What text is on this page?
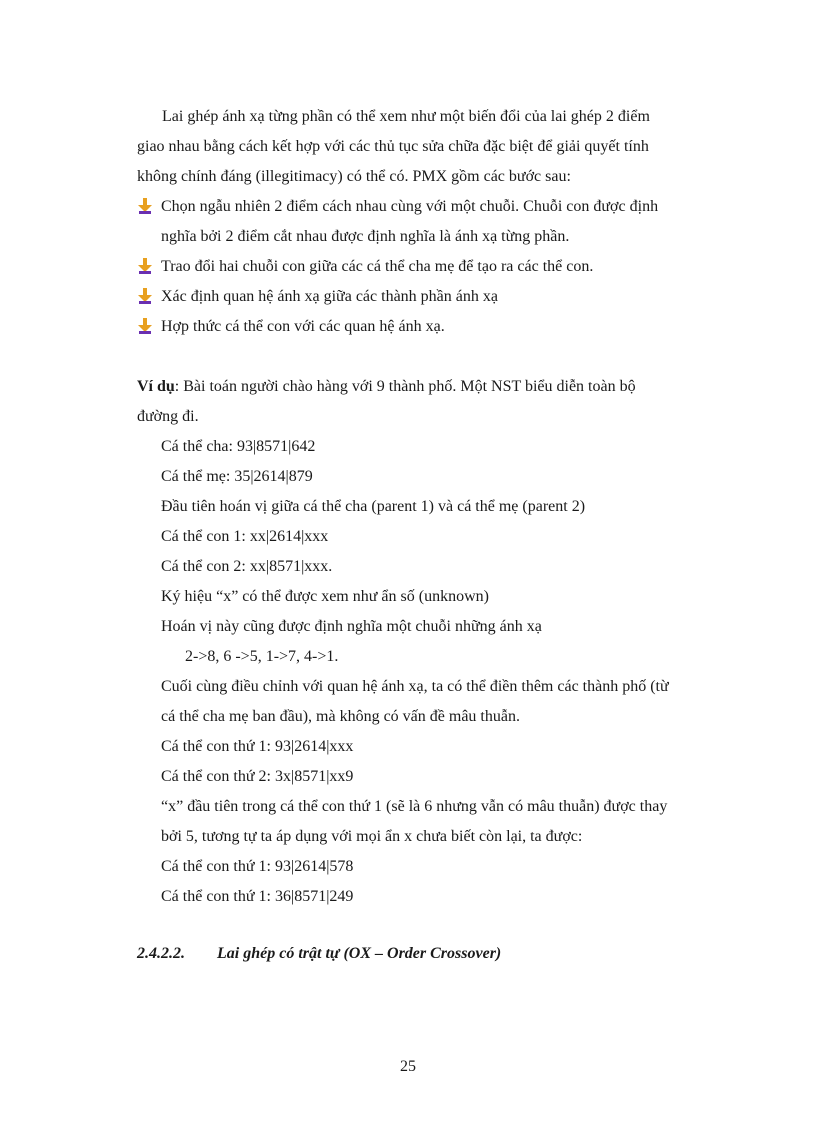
Lai ghép ánh xạ từng phần có thể xem như một biến đổi của lai ghép 2 điểm
giao nhau bằng cách kết hợp với các thủ tục sửa chữa đặc biệt để giải quyết tính
không chính đáng (illegitimacy) có thể có. PMX gồm các bước sau:
Chọn ngẫu nhiên 2 điểm cách nhau cùng với một chuỗi. Chuỗi con được định
nghĩa bởi 2 điểm cắt nhau được định nghĩa là ánh xạ từng phần.
Trao đổi hai chuỗi con giữa các cá thể cha mẹ để tạo ra các thể con.
Xác định quan hệ ánh xạ giữa các thành phần ánh xạ
Hợp thức cá thể con với các quan hệ ánh xạ.
Ví dụ: Bài toán người chào hàng với 9 thành phố. Một NST biểu diễn toàn bộ
đường đi.
Cá thể cha: 93|8571|642
Cá thể mẹ: 35|2614|879
Đầu tiên hoán vị giữa cá thể cha (parent 1) và cá thể mẹ (parent 2)
Cá thể con 1: xx|2614|xxx
Cá thể con 2: xx|8571|xxx.
Ký hiệu “x” có thể được xem như ẩn số (unknown)
Hoán vị này cũng được định nghĩa một chuỗi những ánh xạ
2->8, 6 ->5, 1->7, 4->1.
Cuối cùng điều chỉnh với quan hệ ánh xạ, ta có thể điền thêm các thành phố (từ
cá thể cha mẹ ban đầu), mà không có vấn đề mâu thuẫn.
Cá thể con thứ 1: 93|2614|xxx
Cá thể con thứ 2: 3x|8571|xx9
“x” đầu tiên trong cá thể con thứ 1 (sẽ là 6 nhưng vẫn có mâu thuẫn) được thay
bởi 5, tương tự ta áp dụng với mọi ẩn x chưa biết còn lại, ta được:
Cá thể con thứ 1: 93|2614|578
Cá thể con thứ 1: 36|8571|249
2.4.2.2. Lai ghép có trật tự (OX – Order Crossover)
25
